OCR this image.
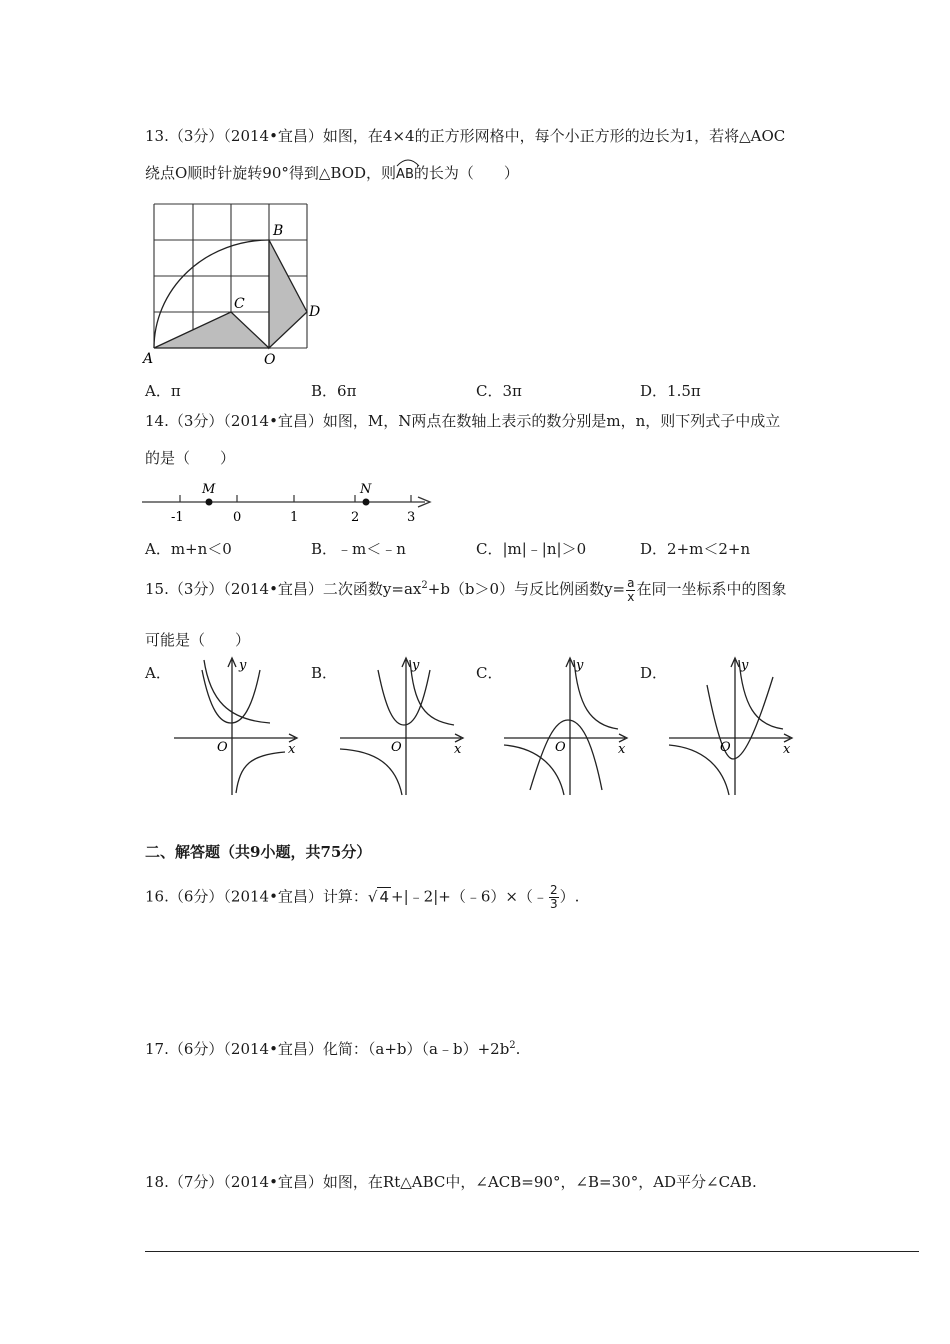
13.（3分）（2014•宜昌）如图，在4×4的正方形网格中，每个小正方形的边长为1，若将△AOC
绕点O顺时针旋转90°得到△BOD，则
AB的长为（　　）
A
B
C	D
O
A．π	B．6π	C．3π	D．1.5π
14.（3分）（2014•宜昌）如图，M，N两点在数轴上表示的数分别是m，n，则下列式子中成立
的是（　　）
M	N
-1	0	1	2	3
A．m+n＜0	B．﹣m＜﹣n	C．|m|﹣|n|＞0	D．2+m＜2+n
15.（3分）（2014•宜昌）二次函数$y=ax^2+b(b>0)$与反比例函数$y= \frac{a}{x}$ 在同一坐标系中的图象
可能是（　　）
A．	B．	C．	D．
y
x
O
y
x
O
y
x
O
y
x
O
二、解答题（共9小题，共75分）
16.（6分）（2014•宜昌）计算：√ 4 +|﹣2|+（﹣6）×（﹣ $\frac{2}{3}$ ）.
17.（6分）（2014•宜昌）化简：$(a+b)(a﹣b)+2b^2$.
18.（7分）（2014•宜昌）如图，在Rt△ABC中，∠ACB=90°，∠B=30°，AD平分∠CAB.
